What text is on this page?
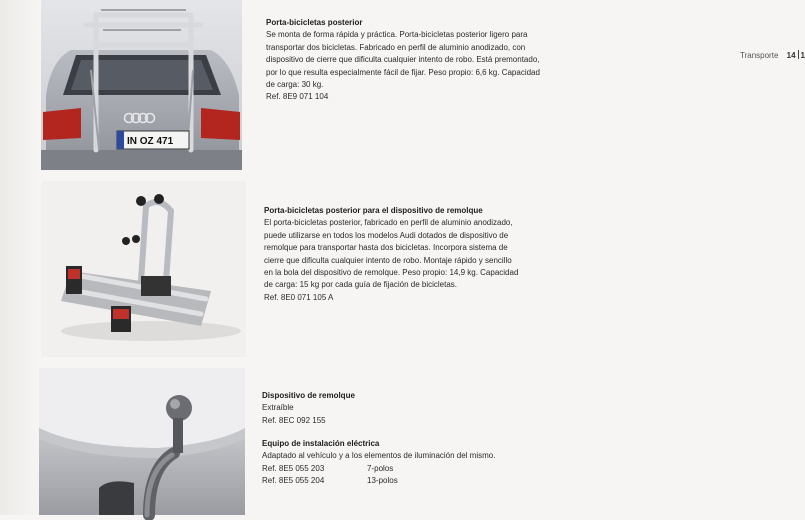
IN OZ 471
Transporte 14 1
Porta-bicicletas posterior
Se monta de forma rápida y práctica. Porta-bicicletas posterior ligero para
transportar dos bicicletas. Fabricado en perfil de aluminio anodizado, con
dispositivo de cierre que dificulta cualquier intento de robo. Está premontado,
por lo que resulta especialmente fácil de fijar. Peso propio: 6,6 kg. Capacidad
de carga: 30 kg.
Ref. 8E9 071 104
Porta-bicicletas posterior para el dispositivo de remolque
El porta-bicicletas posterior, fabricado en perfil de aluminio anodizado,
puede utilizarse en todos los modelos Audi dotados de dispositivo de
remolque para transportar hasta dos bicicletas. Incorpora sistema de
cierre que dificulta cualquier intento de robo. Montaje rápido y sencillo
en la bola del dispositivo de remolque. Peso propio: 14,9 kg. Capacidad
de carga: 15 kg por cada guía de fijación de bicicletas.
Ref. 8E0 071 105 A
Dispositivo de remolque
Extraíble
Ref. 8EC 092 155
Equipo de instalación eléctrica
Adaptado al vehículo y a los elementos de iluminación del mismo.
Ref. 8E5 055 203	7-polos
Ref. 8E5 055 204	13-polos
